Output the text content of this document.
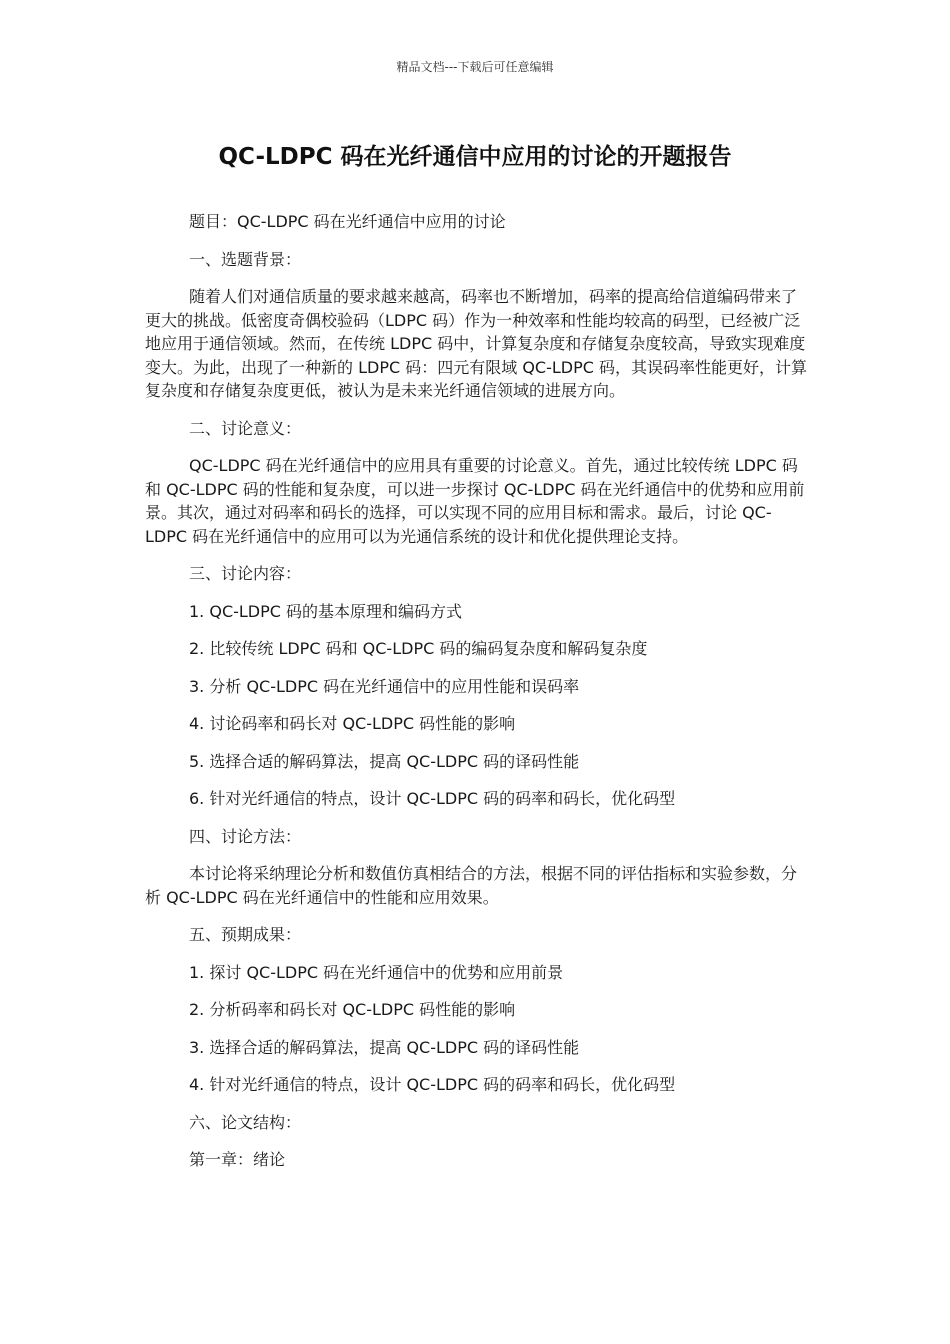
精品文档---下载后可任意编辑
QC-LDPC 码在光纤通信中应用的讨论的开题报告

题目：QC-LDPC 码在光纤通信中应用的讨论

一、选题背景：

随着人们对通信质量的要求越来越高，码率也不断增加，码率的提高给信道编码带来了更大的挑战。低密度奇偶校验码（LDPC 码）作为一种效率和性能均较高的码型，已经被广泛地应用于通信领域。然而，在传统 LDPC 码中，计算复杂度和存储复杂度较高，导致实现难度变大。为此，出现了一种新的 LDPC 码：四元有限域 QC-LDPC 码，其误码率性能更好，计算复杂度和存储复杂度更低，被认为是未来光纤通信领域的进展方向。

二、讨论意义：

QC-LDPC 码在光纤通信中的应用具有重要的讨论意义。首先，通过比较传统 LDPC 码和 QC-LDPC 码的性能和复杂度，可以进一步探讨 QC-LDPC 码在光纤通信中的优势和应用前景。其次，通过对码率和码长的选择，可以实现不同的应用目标和需求。最后，讨论 QC-LDPC 码在光纤通信中的应用可以为光通信系统的设计和优化提供理论支持。

三、讨论内容：

1. QC-LDPC 码的基本原理和编码方式

2. 比较传统 LDPC 码和 QC-LDPC 码的编码复杂度和解码复杂度

3. 分析 QC-LDPC 码在光纤通信中的应用性能和误码率

4. 讨论码率和码长对 QC-LDPC 码性能的影响

5. 选择合适的解码算法，提高 QC-LDPC 码的译码性能

6. 针对光纤通信的特点，设计 QC-LDPC 码的码率和码长，优化码型

四、讨论方法：

本讨论将采纳理论分析和数值仿真相结合的方法，根据不同的评估指标和实验参数，分析 QC-LDPC 码在光纤通信中的性能和应用效果。

五、预期成果：

1. 探讨 QC-LDPC 码在光纤通信中的优势和应用前景

2. 分析码率和码长对 QC-LDPC 码性能的影响

3. 选择合适的解码算法，提高 QC-LDPC 码的译码性能

4. 针对光纤通信的特点，设计 QC-LDPC 码的码率和码长，优化码型

六、论文结构：

第一章：绪论
